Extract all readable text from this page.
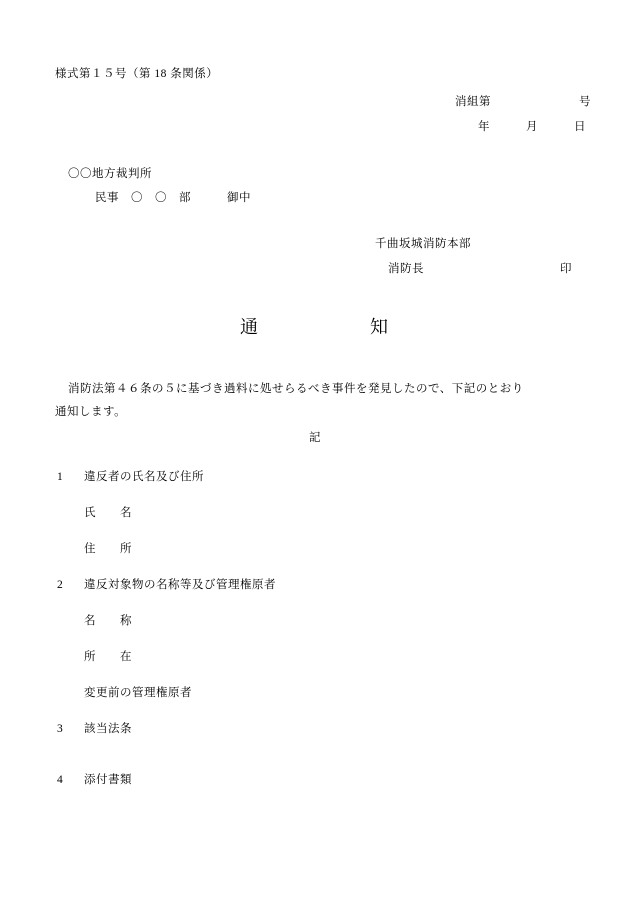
様式第１５号（第 18 条関係）
消組第	号
年　　　月　　　日
〇〇地方裁判所
民事　〇　〇　部　　　御中
千曲坂城消防本部
消防長	印
通	知
消防法第４６条の５に基づき過料に処せらるべき事件を発見したので、下記のとおり
通知します。
記
1 違反者の氏名及び住所
氏　　名
住　　所
2 違反対象物の名称等及び管理権原者
名　　称
所　　在
変更前の管理権原者
3 該当法条
4 添付書類
